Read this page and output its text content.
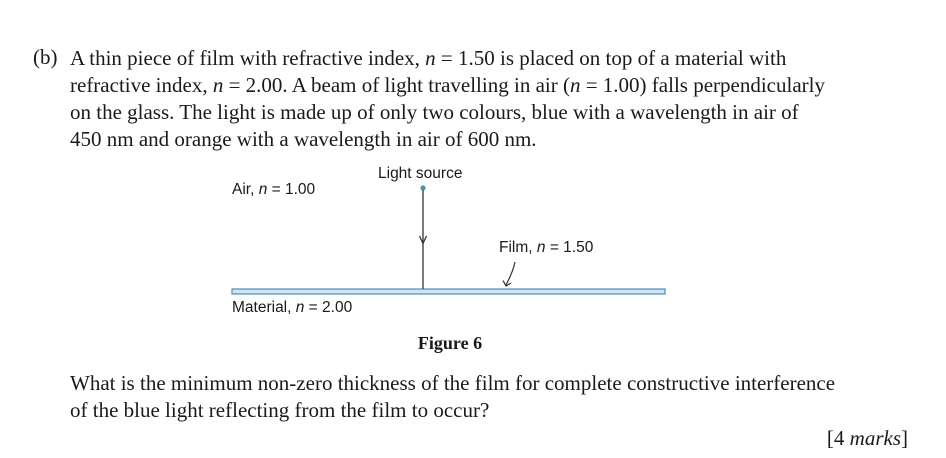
(b) A thin piece of film with refractive index, n = 1.50 is placed on top of a material with
refractive index, n = 2.00. A beam of light travelling in air (n = 1.00) falls perpendicularly
on the glass. The light is made up of only two colours, blue with a wavelength in air of
450 nm and orange with a wavelength in air of 600 nm.
Light source
Air, n = 1.00
Film, n = 1.50
Material, n = 2.00
Figure 6
What is the minimum non-zero thickness of the film for complete constructive interference
of the blue light reflecting from the film to occur?
[4 marks]
